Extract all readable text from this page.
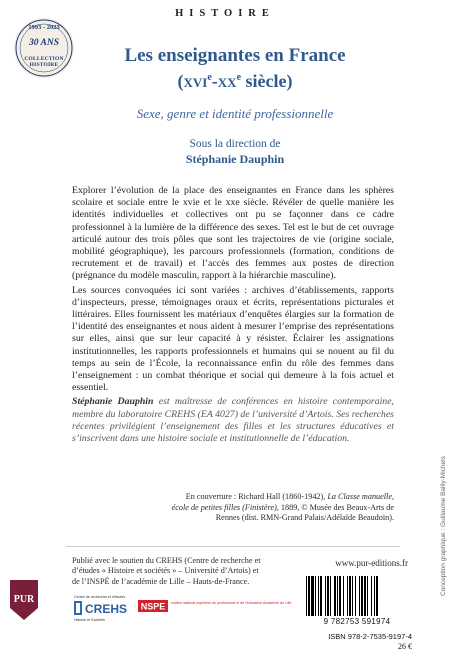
HISTOIRE
1993 - 2023
30 ANS
COLLECTION HISTOIRE	Les enseignantes en France
($xvi^e-xx^e$ siècle)
Sexe, genre et identité professionnelle
Sous la direction de
Stéphanie Dauphin

Explorer l’évolution de la place des enseignantes en France dans les sphères scolaire et sociale entre le xvie et le xxe siècle. Révéler de quelle manière les identités individuelles et collectives ont pu se façonner dans ce cadre professionnel à la lumière de la différence des sexes. Tel est le but de cet ouvrage articulé autour des trois pôles que sont les trajectoires de vie (origine sociale, mobilité géographique), les parcours professionnels (formation, conditions de recrutement et de travail) et l’accès des femmes aux postes de direction (prégnance du modèle masculin, rapport à la hiérarchie masculine).

Les sources convoquées ici sont variées : archives d’établissements, rapports d’inspecteurs, presse, témoignages oraux et écrits, représentations picturales et littéraires. Elles fournissent les matériaux d’enquêtes élargies sur la formation de l’identité des enseignantes et nous aident à mesurer l’emprise des représentations sur elles, ainsi que sur leur capacité à y résister. Éclairer les assignations institutionnelles, les rapports professionnels et humains qui se nouent au fil du temps au sein de l’École, la reconnaissance enfin du rôle des femmes dans l’enseignement : un combat théorique et social qui demeure à la fois actuel et essentiel.

Stéphanie Dauphin est maîtresse de conférences en histoire contemporaine, membre du laboratoire CREHS (EA 4027) de l’université d’Artois. Ses recherches récentes privilégient l’enseignement des filles et les structures éducatives et s’inscrivent dans une histoire sociale et institutionnelle de l’éducation.

Conception graphique : Guillaume Bailly-Michels
En couverture : Richard Hall (1860-1942), La Classe manuelle, école de petites filles (Finistère), 1889, © Musée des Beaux-Arts de Rennes (dist. RMN-Grand Palais/Adélaïde Beaudoin).
Publié avec le soutien du CREHS (Centre de recherche et d’études « Histoire et sociétés » – Université d’Artois) et de l’INSPÉ de l’académie de Lille – Hauts-de-France.
www.pur-editions.fr
PUR	Centre de recherche et d'études
CREHS
Histoire et Sociétés
NSPE Institut national supérieur du professorat et de l'éducation Académie de Lille
9 782753 591974
ISBN 978-2-7535-9197-4
26 €
